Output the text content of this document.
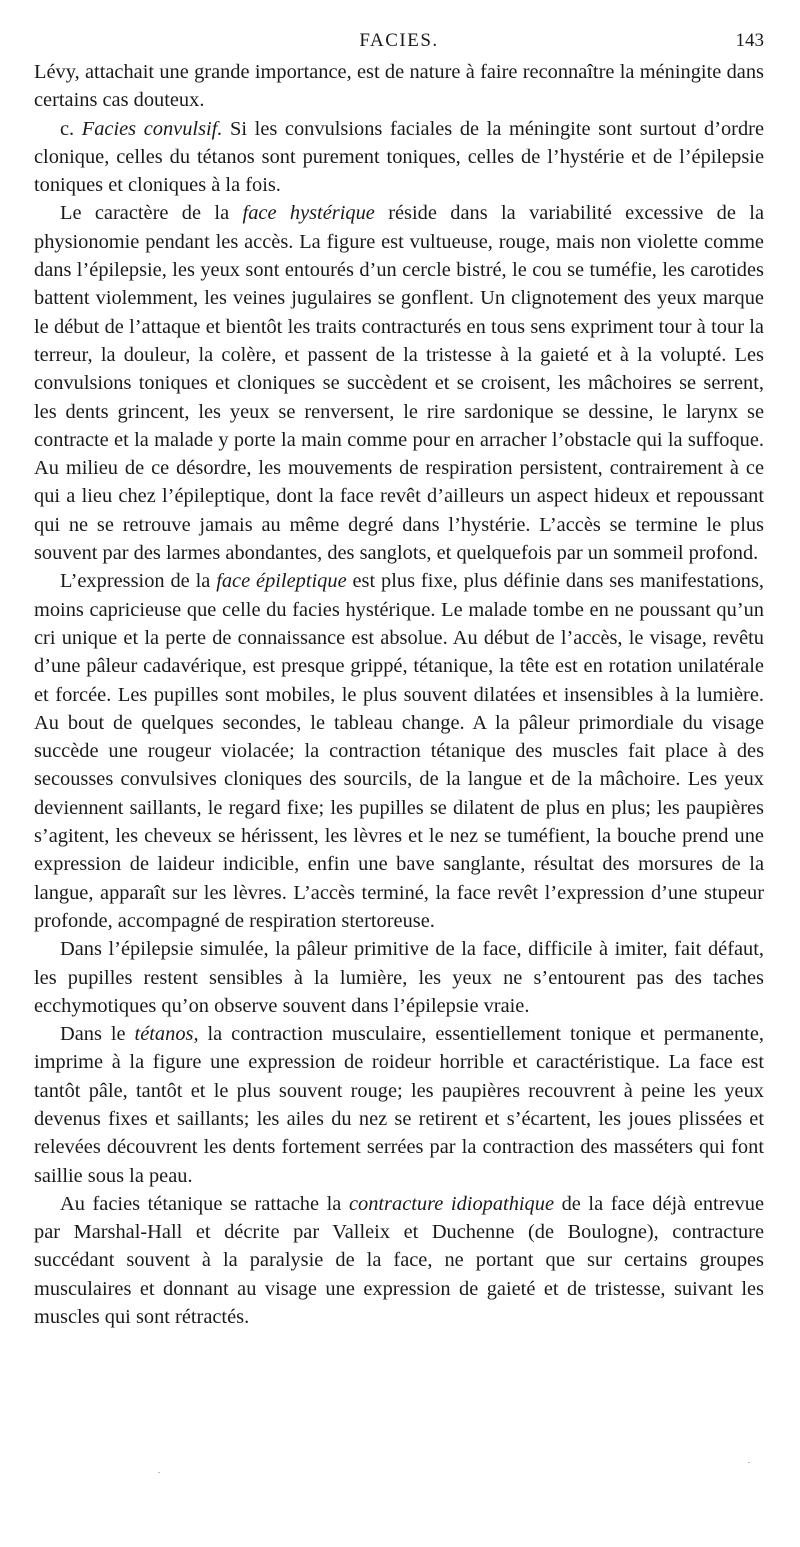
FACIES.	143

Lévy, attachait une grande importance, est de nature à faire reconnaître la méningite dans certains cas douteux.

c. Facies convulsif. Si les convulsions faciales de la méningite sont surtout d’ordre clonique, celles du tétanos sont purement toniques, celles de l’hystérie et de l’épilepsie toniques et cloniques à la fois.

Le caractère de la face hystérique réside dans la variabilité excessive de la physionomie pendant les accès. La figure est vultueuse, rouge, mais non violette comme dans l’épilepsie, les yeux sont entourés d’un cercle bistré, le cou se tuméfie, les carotides battent violemment, les veines jugulaires se gonflent. Un clignotement des yeux marque le début de l’attaque et bientôt les traits contracturés en tous sens expriment tour à tour la terreur, la douleur, la colère, et passent de la tristesse à la gaieté et à la volupté. Les convulsions toniques et cloniques se succèdent et se croisent, les mâchoires se serrent, les dents grincent, les yeux se renversent, le rire sardonique se dessine, le larynx se contracte et la malade y porte la main comme pour en arracher l’obstacle qui la suffoque. Au milieu de ce désordre, les mouvements de respiration persistent, contrairement à ce qui a lieu chez l’épileptique, dont la face revêt d’ailleurs un aspect hideux et repoussant qui ne se retrouve jamais au même degré dans l’hystérie. L’accès se termine le plus souvent par des larmes abondantes, des sanglots, et quelquefois par un sommeil profond.

L’expression de la face épileptique est plus fixe, plus définie dans ses manifestations, moins capricieuse que celle du facies hystérique. Le malade tombe en ne poussant qu’un cri unique et la perte de connaissance est absolue. Au début de l’accès, le visage, revêtu d’une pâleur cadavérique, est presque grippé, tétanique, la tête est en rotation unilatérale et forcée. Les pupilles sont mobiles, le plus souvent dilatées et insensibles à la lumière. Au bout de quelques secondes, le tableau change. A la pâleur primordiale du visage succède une rougeur violacée; la contraction tétanique des muscles fait place à des secousses convulsives cloniques des sourcils, de la langue et de la mâchoire. Les yeux deviennent saillants, le regard fixe; les pupilles se dilatent de plus en plus; les paupières s’agitent, les cheveux se hérissent, les lèvres et le nez se tuméfient, la bouche prend une expression de laideur indicible, enfin une bave sanglante, résultat des morsures de la langue, apparaît sur les lèvres. L’accès terminé, la face revêt l’expression d’une stupeur profonde, accompagné de respiration stertoreuse.

Dans l’épilepsie simulée, la pâleur primitive de la face, difficile à imiter, fait défaut, les pupilles restent sensibles à la lumière, les yeux ne s’entourent pas des taches ecchymotiques qu’on observe souvent dans l’épilepsie vraie.

Dans le tétanos, la contraction musculaire, essentiellement tonique et permanente, imprime à la figure une expression de roideur horrible et caractéristique. La face est tantôt pâle, tantôt et le plus souvent rouge; les paupières recouvrent à peine les yeux devenus fixes et saillants; les ailes du nez se retirent et s’écartent, les joues plissées et relevées découvrent les dents fortement serrées par la contraction des masséters qui font saillie sous la peau.

Au facies tétanique se rattache la contracture idiopathique de la face déjà entrevue par Marshal-Hall et décrite par Valleix et Duchenne (de Boulogne), contracture succédant souvent à la paralysie de la face, ne portant que sur certains groupes musculaires et donnant au visage une expression de gaieté et de tristesse, suivant les muscles qui sont rétractés.
